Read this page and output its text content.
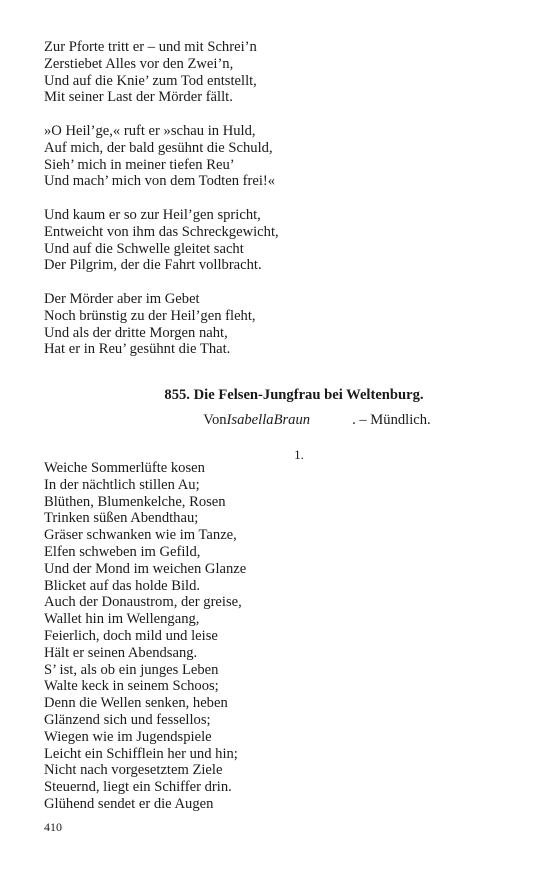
Zur Pforte tritt er – und mit Schrei’n
Zerstiebet Alles vor den Zwei’n,
Und auf die Knie’ zum Tod entstellt,
Mit seiner Last der Mörder fällt.
»O Heil’ge,« ruft er »schau in Huld,
Auf mich, der bald gesühnt die Schuld,
Sieh’ mich in meiner tiefen Reu’
Und mach’ mich von dem Todten frei!«
Und kaum er so zur Heil’gen spricht,
Entweicht von ihm das Schreckgewicht,
Und auf die Schwelle gleitet sacht
Der Pilgrim, der die Fahrt vollbracht.
Der Mörder aber im Gebet
Noch brünstig zu der Heil’gen fleht,
Und als der dritte Morgen naht,
Hat er in Reu’ gesühnt die That.
855. Die Felsen-Jungfrau bei Weltenburg.
VonIsabellaBraun	. – Mündlich.
1.
Weiche Sommerlüfte kosen
In der nächtlich stillen Au;
Blüthen, Blumenkelche, Rosen
Trinken süßen Abendthau;
Gräser schwanken wie im Tanze,
Elfen schweben im Gefild,
Und der Mond im weichen Glanze
Blicket auf das holde Bild.
Auch der Donaustrom, der greise,
Wallet hin im Wellengang,
Feierlich, doch mild und leise
Hält er seinen Abendsang.
S’ ist, als ob ein junges Leben
Walte keck in seinem Schoos;
Denn die Wellen senken, heben
Glänzend sich und fessellos;
Wiegen wie im Jugendspiele
Leicht ein Schifflein her und hin;
Nicht nach vorgesetztem Ziele
Steuernd, liegt ein Schiffer drin.
Glühend sendet er die Augen
410
